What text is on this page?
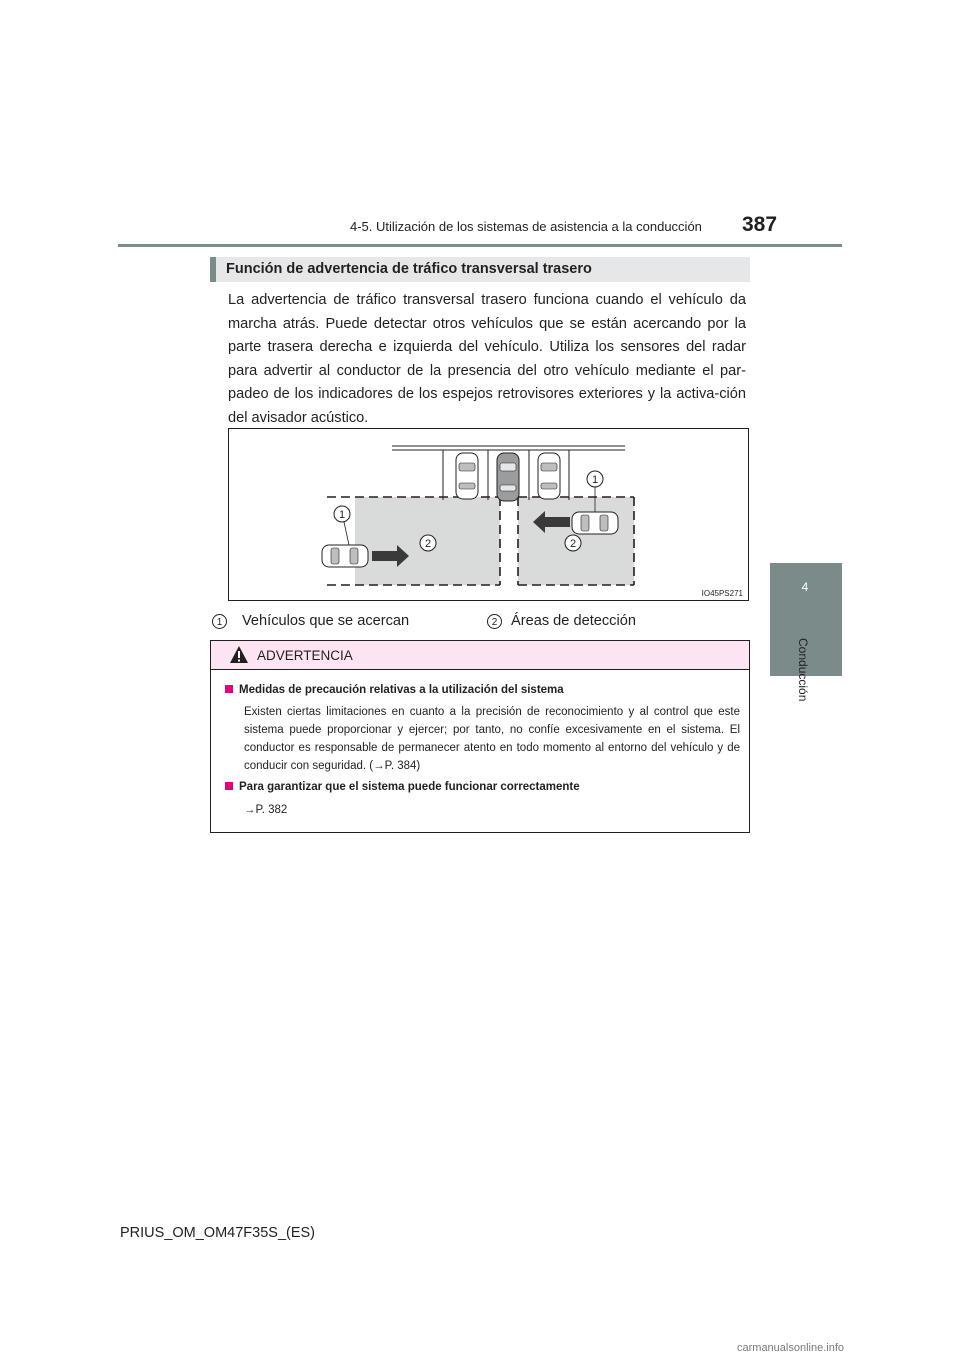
4-5. Utilización de los sistemas de asistencia a la conducción 387
4
Conducción
Función de advertencia de tráfico transversal trasero
La advertencia de tráfico transversal trasero funciona cuando el vehículo da marcha atrás. Puede detectar otros vehículos que se están acercando por la parte trasera derecha e izquierda del vehículo. Utiliza los sensores del radar para advertir al conductor de la presencia del otro vehículo mediante el par-padeo de los indicadores de los espejos retrovisores exteriores y la activa-ción del avisador acústico.
1
1
2	2
IO45PS271
1	Vehículos que se acercan	2 Áreas de detección
ADVERTENCIA
Medidas de precaución relativas a la utilización del sistema
Existen ciertas limitaciones en cuanto a la precisión de reconocimiento y al control que este sistema puede proporcionar y ejercer; por tanto, no confíe excesivamente en el sistema. El conductor es responsable de permanecer atento en todo momento al entorno del vehículo y de conducir con seguridad. (→P. 384)
Para garantizar que el sistema puede funcionar correctamente
→P. 382
PRIUS_OM_OM47F35S_(ES)
carmanualsonline.info
